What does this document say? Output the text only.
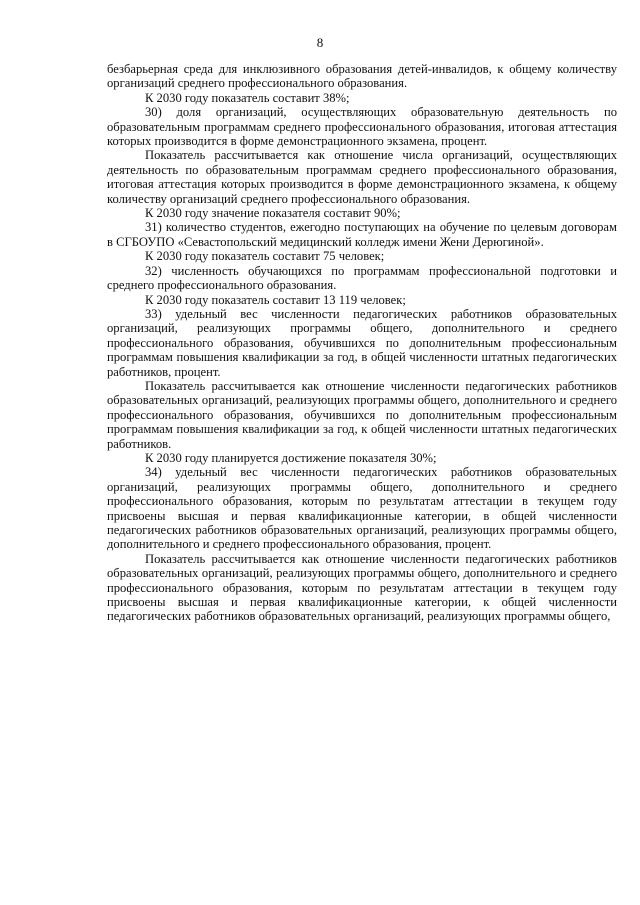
8

безбарьерная среда для инклюзивного образования детей-инвалидов, к общему количеству организаций среднего профессионального образования.

К 2030 году показатель составит 38%;

30) доля организаций, осуществляющих образовательную деятельность по образовательным программам среднего профессионального образования, итоговая аттестация которых производится в форме демонстрационного экзамена, процент.

Показатель рассчитывается как отношение числа организаций, осуществляющих деятельность по образовательным программам среднего профессионального образования, итоговая аттестация которых производится в форме демонстрационного экзамена, к общему количеству организаций среднего профессионального образования.

К 2030 году значение показателя составит 90%;

31) количество студентов, ежегодно поступающих на обучение по целевым договорам в СГБОУПО «Севастопольский медицинский колледж имени Жени Дерюгиной».

К 2030 году показатель составит 75 человек;

32) численность обучающихся по программам профессиональной подготовки и среднего профессионального образования.

К 2030 году показатель составит 13 119 человек;

33) удельный вес численности педагогических работников образовательных организаций, реализующих программы общего, дополнительного и среднего профессионального образования, обучившихся по дополнительным профессиональным программам повышения квалификации за год, в общей численности штатных педагогических работников, процент.

Показатель рассчитывается как отношение численности педагогических работников образовательных организаций, реализующих программы общего, дополнительного и среднего профессионального образования, обучившихся по дополнительным профессиональным программам повышения квалификации за год, к общей численности штатных педагогических работников.

К 2030 году планируется достижение показателя 30%;

34) удельный вес численности педагогических работников образовательных организаций, реализующих программы общего, дополнительного и среднего профессионального образования, которым по результатам аттестации в текущем году присвоены высшая и первая квалификационные категории, в общей численности педагогических работников образовательных организаций, реализующих программы общего, дополнительного и среднего профессионального образования, процент.

Показатель рассчитывается как отношение численности педагогических работников образовательных организаций, реализующих программы общего, дополнительного и среднего профессионального образования, которым по результатам аттестации в текущем году присвоены высшая и первая квалификационные категории, к общей численности педагогических работников образовательных организаций, реализующих программы общего,
